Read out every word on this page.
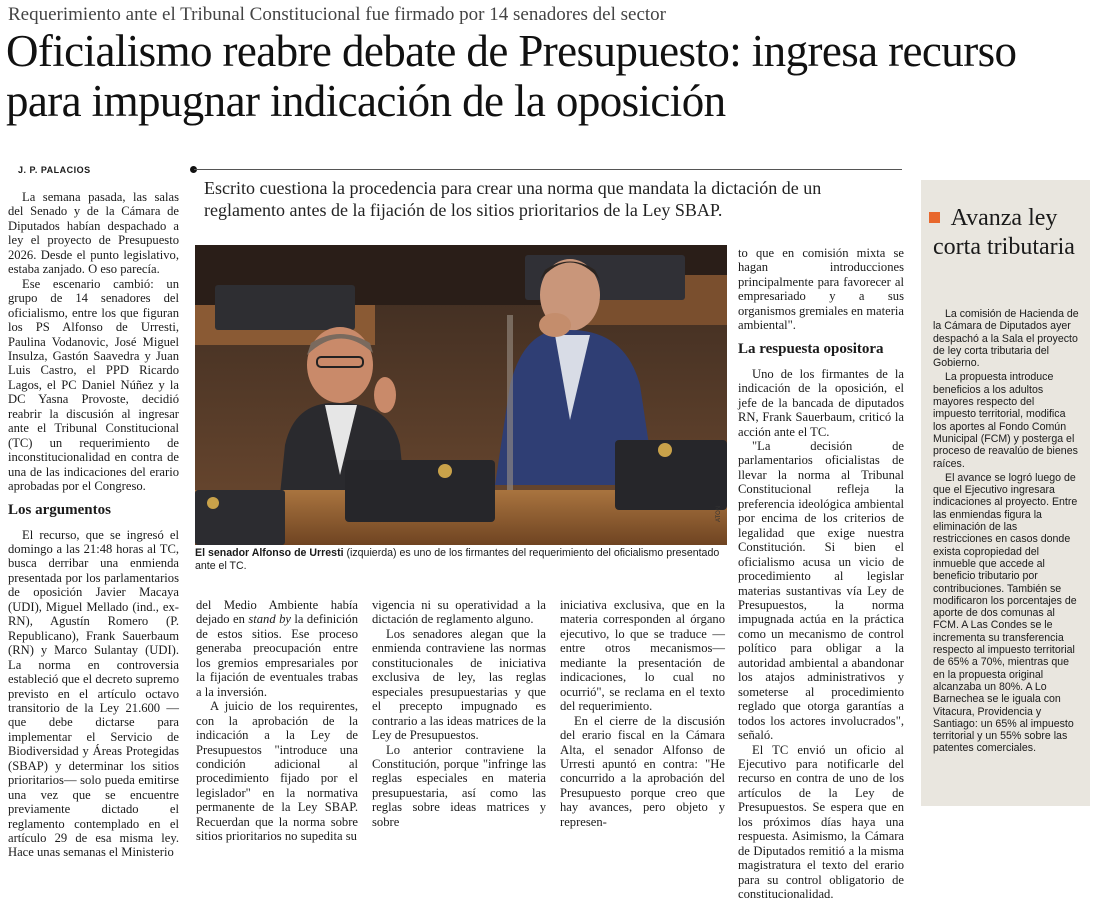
Requerimiento ante el Tribunal Constitucional fue firmado por 14 senadores del sector
Oficialismo reabre debate de Presupuesto: ingresa recurso para impugnar indicación de la oposición
J. P. PALACIOS
Escrito cuestiona la procedencia para crear una norma que mandata la dictación de un reglamento antes de la fijación de los sitios prioritarios de la Ley SBAP.

La semana pasada, las salas del Senado y de la Cámara de Diputados habían despachado a ley el proyecto de Presupuesto 2026. Desde el punto legislativo, estaba zanjado. O eso parecía.

Ese escenario cambió: un grupo de 14 senadores del oficialismo, entre los que figuran los PS Alfonso de Urresti, Paulina Vodanovic, José Miguel Insulza, Gastón Saavedra y Juan Luis Castro, el PPD Ricardo Lagos, el PC Daniel Núñez y la DC Yasna Provoste, decidió reabrir la discusión al ingresar ante el Tribunal Constitucional (TC) un requerimiento de inconstitucionalidad en contra de una de las indicaciones del erario aprobadas por el Congreso.

Los argumentos

El recurso, que se ingresó el domingo a las 21:48 horas al TC, busca derribar una enmienda presentada por los parlamentarios de oposición Javier Macaya (UDI), Miguel Mellado (ind., ex-RN), Agustín Romero (P. Republicano), Frank Sauerbaum (RN) y Marco Sulantay (UDI). La norma en controversia estableció que el decreto supremo previsto en el artículo octavo transitorio de la Ley 21.600 —que debe dictarse para implementar el Servicio de Biodiversidad y Áreas Protegidas (SBAP) y determinar los sitios prioritarios— solo pueda emitirse una vez que se encuentre previamente dictado el reglamento contemplado en el artículo 29 de esa misma ley. Hace unas semanas el Ministerio

ATON
El senador Alfonso de Urresti (izquierda) es uno de los firmantes del requerimiento del oficialismo presentado ante el TC.

del Medio Ambiente había dejado en stand by la definición de estos sitios. Ese proceso generaba preocupación entre los gremios empresariales por la fijación de eventuales trabas a la inversión.

A juicio de los requirentes, con la aprobación de la indicación a la Ley de Presupuestos "introduce una condición adicional al procedimiento fijado por el legislador" en la normativa permanente de la Ley SBAP. Recuerdan que la norma sobre sitios prioritarios no supedita su

vigencia ni su operatividad a la dictación de reglamento alguno.

Los senadores alegan que la enmienda contraviene las normas constitucionales de iniciativa exclusiva de ley, las reglas especiales presupuestarias y que el precepto impugnado es contrario a las ideas matrices de la Ley de Presupuestos.

Lo anterior contraviene la Constitución, porque "infringe las reglas especiales en materia presupuestaria, así como las reglas sobre ideas matrices y sobre

iniciativa exclusiva, que en la materia corresponden al órgano ejecutivo, lo que se traduce —entre otros mecanismos— mediante la presentación de indicaciones, lo cual no ocurrió", se reclama en el texto del requerimiento.

En el cierre de la discusión del erario fiscal en la Cámara Alta, el senador Alfonso de Urresti apuntó en contra: "He concurrido a la aprobación del Presupuesto porque creo que hay avances, pero objeto y represen-

to que en comisión mixta se hagan introducciones principalmente para favorecer al empresariado y a sus organismos gremiales en materia ambiental".

La respuesta opositora

Uno de los firmantes de la indicación de la oposición, el jefe de la bancada de diputados RN, Frank Sauerbaum, criticó la acción ante el TC.

"La decisión de parlamentarios oficialistas de llevar la norma al Tribunal Constitucional refleja la preferencia ideológica ambiental por encima de los criterios de legalidad que exige nuestra Constitución. Si bien el oficialismo acusa un vicio de procedimiento al legislar materias sustantivas vía Ley de Presupuestos, la norma impugnada actúa en la práctica como un mecanismo de control político para obligar a la autoridad ambiental a abandonar los atajos administrativos y someterse al procedimiento reglado que otorga garantías a todos los actores involucrados", señaló.

El TC envió un oficio al Ejecutivo para notificarle del recurso en contra de uno de los artículos de la Ley de Presupuestos. Se espera que en los próximos días haya una respuesta. Asimismo, la Cámara de Diputados remitió a la misma magistratura el texto del erario para su control obligatorio de constitucionalidad.

Avanza ley corta tributaria

La comisión de Hacienda de la Cámara de Diputados ayer despachó a la Sala el proyecto de ley corta tributaria del Gobierno.

La propuesta introduce beneficios a los adultos mayores respecto del impuesto territorial, modifica los aportes al Fondo Común Municipal (FCM) y posterga el proceso de reavalúo de bienes raíces.

El avance se logró luego de que el Ejecutivo ingresara indicaciones al proyecto. Entre las enmiendas figura la eliminación de las restricciones en casos donde exista copropiedad del inmueble que accede al beneficio tributario por contribuciones. También se modificaron los porcentajes de aporte de dos comunas al FCM. A Las Condes se le incrementa su transferencia respecto al impuesto territorial de 65% a 70%, mientras que en la propuesta original alcanzaba un 80%. A Lo Barnechea se le iguala con Vitacura, Providencia y Santiago: un 65% al impuesto territorial y un 55% sobre las patentes comerciales.
